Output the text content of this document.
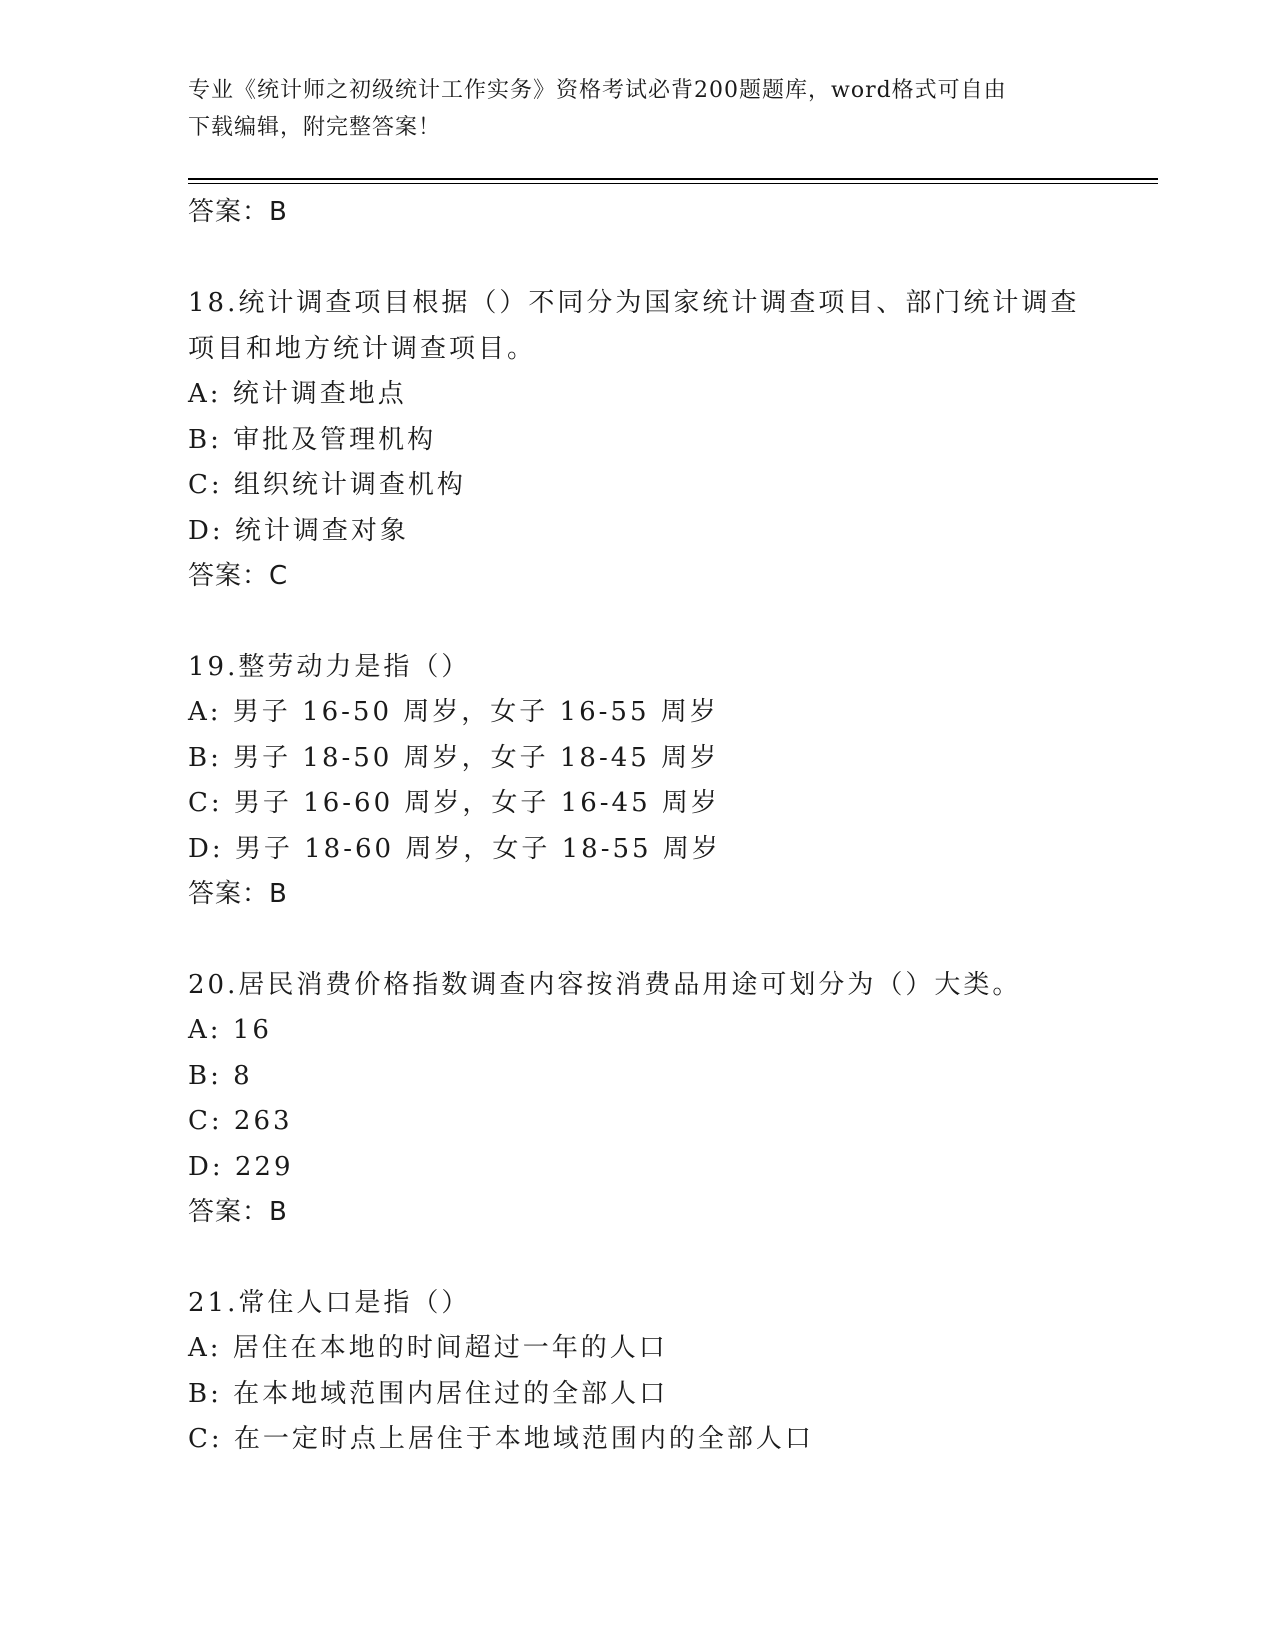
专业《统计师之初级统计工作实务》资格考试必背200题题库，word格式可自由
下载编辑，附完整答案！
答案：B
18.统计调查项目根据（）不同分为国家统计调查项目、部门统计调查
项目和地方统计调查项目。
A: 统计调查地点
B: 审批及管理机构
C: 组织统计调查机构
D: 统计调查对象
答案：C
19.整劳动力是指（）
A: 男子 16-50 周岁，女子 16-55 周岁
B: 男子 18-50 周岁，女子 18-45 周岁
C: 男子 16-60 周岁，女子 16-45 周岁
D: 男子 18-60 周岁，女子 18-55 周岁
答案：B
20.居民消费价格指数调查内容按消费品用途可划分为（）大类。
A: 16
B: 8
C: 263
D: 229
答案：B
21.常住人口是指（）
A: 居住在本地的时间超过一年的人口
B: 在本地域范围内居住过的全部人口
C: 在一定时点上居住于本地域范围内的全部人口
